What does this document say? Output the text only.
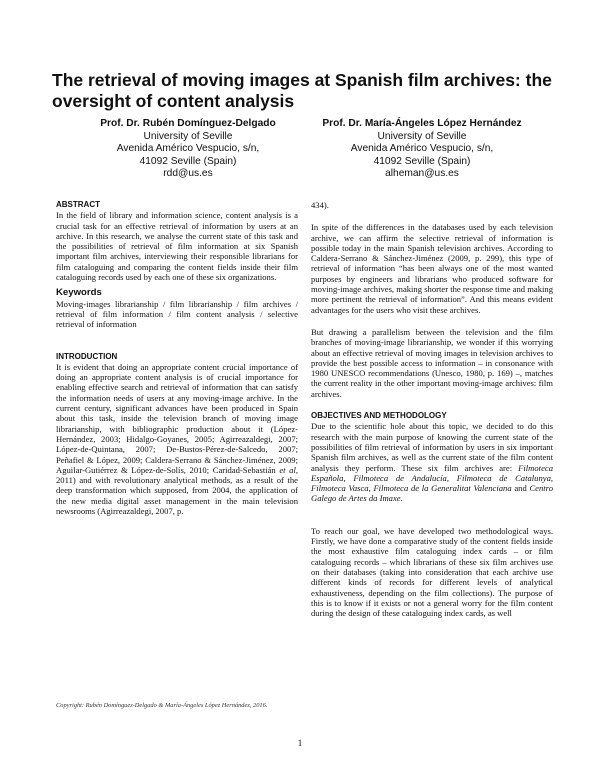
The retrieval of moving images at Spanish film archives: the oversight of content analysis
Prof. Dr. Rubén Domínguez-Delgado
University of Seville
Avenida Américo Vespucio, s/n,
41092 Seville (Spain)
rdd@us.es
Prof. Dr. María-Ángeles López Hernández
University of Seville
Avenida Américo Vespucio, s/n,
41092 Seville (Spain)
alheman@us.es

ABSTRACT

In the field of library and information science, content analysis is a crucial task for an effective retrieval of information by users at an archive. In this research, we analyse the current state of this task and the possibilities of retrieval of film information at six Spanish important film archives, interviewing their responsible librarians for film cataloguing and comparing the content fields inside their film cataloguing records used by each one of these six organizations.

Keywords

Moving-images librarianship / film librarianship / film archives / retrieval of film information / film content analysis / selective retrieval of information

INTRODUCTION

It is evident that doing an appropriate content crucial importance of doing an appropriate content analysis is of crucial importance for enabling effective search and retrieval of information that can satisfy the information needs of users at any moving-image archive. In the current century, significant advances have been produced in Spain about this task, inside the television branch of moving image librarianship, with bibliographic production about it (López-Hernández, 2003; Hidalgo-Goyanes, 2005; Agirreazaldegi, 2007; López-de-Quintana, 2007; De-Bustos-Pérez-de-Salcedo, 2007; Peñafiel & López, 2009; Caldera-Serrano & Sánchez-Jiménez, 2009; Aguilar-Gutiérrez & López-de-Solís, 2010; Caridad-Sebastián et al, 2011) and with revolutionary analytical methods, as a result of the deep transformation which supposed, from 2004, the application of the new media digital asset management in the main television newsrooms (Agirreazaldegi, 2007, p.

Copyright: Rubén Domínguez-Delgado & María-Ángeles López Hernández, 2016.

434).

In spite of the differences in the databases used by each television archive, we can affirm the selective retrieval of information is possible today in the main Spanish television archives. According to Caldera-Serrano & Sánchez-Jiménez (2009, p. 299), this type of retrieval of information “has been always one of the most wanted purposes by engineers and librarians who produced software for moving-image archives, making shorter the response time and making more pertinent the retrieval of information”. And this means evident advantages for the users who visit these archives.

But drawing a parallelism between the television and the film branches of moving-image librarianship, we wonder if this worrying about an effective retrieval of moving images in television archives to provide the best possible access to information – in consonance with 1980 UNESCO recommendations (Unesco, 1980, p. 169) –, matches the current reality in the other important moving-image archives: film archives.

OBJECTIVES AND METHODOLOGY

Due to the scientific hole about this topic, we decided to do this research with the main purpose of knowing the current state of the possibilities of film retrieval of information by users in six important Spanish film archives, as well as the current state of the film content analysis they perform. These six film archives are: Filmoteca Española, Filmoteca de Andalucía, Filmoteca de Catalunya, Filmoteca Vasca, Filmoteca de la Generalitat Valenciana and Centro Galego de Artes da Imaxe.

To reach our goal, we have developed two methodological ways. Firstly, we have done a comparative study of the content fields inside the most exhaustive film cataloguing index cards – or film cataloguing records – which librarians of these six film archives use on their databases (taking into consideration that each archive use different kinds of records for different levels of analytical exhaustiveness, depending on the film collections). The purpose of this is to know if it exists or not a general worry for the film content during the design of these cataloguing index cards, as well

1
